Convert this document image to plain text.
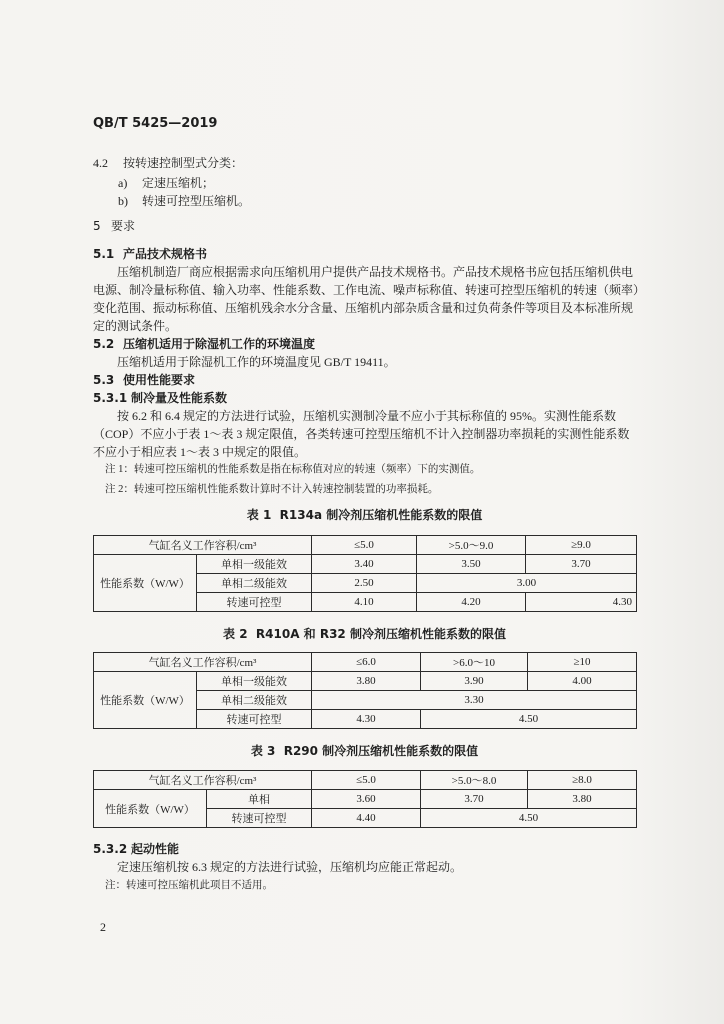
QB/T 5425—2019
4.2 按转速控制型式分类：
a) 定速压缩机；
b) 转速可控型压缩机。
5 要求
5.1 产品技术规格书
压缩机制造厂商应根据需求向压缩机用户提供产品技术规格书。产品技术规格书应包括压缩机供电
电源、制冷量标称值、输入功率、性能系数、工作电流、噪声标称值、转速可控型压缩机的转速（频率）
变化范围、振动标称值、压缩机残余水分含量、压缩机内部杂质含量和过负荷条件等项目及本标准所规
定的测试条件。
5.2 压缩机适用于除湿机工作的环境温度
压缩机适用于除湿机工作的环境温度见 GB/T 19411。
5.3 使用性能要求
5.3.1 制冷量及性能系数
按 6.2 和 6.4 规定的方法进行试验，压缩机实测制冷量不应小于其标称值的 95%。实测性能系数
（COP）不应小于表 1～表 3 规定限值，各类转速可控型压缩机不计入控制器功率损耗的实测性能系数
不应小于相应表 1～表 3 中规定的限值。
注 1：转速可控压缩机的性能系数是指在标称值对应的转速（频率）下的实测值。
注 2：转速可控压缩机性能系数计算时不计入转速控制装置的功率损耗。
表 1 R134a 制冷剂压缩机性能系数的限值
气缸名义工作容积/cm³		≤5.0	>5.0～9.0	≥9.0
性能系数（W/W）	单相一级能效	3.40	3.50	3.70
	单相二级能效	2.50	3.00	
	转速可控型	4.10	4.20	4.30
表 2 R410A 和 R32 制冷剂压缩机性能系数的限值
气缸名义工作容积/cm³		≤6.0	>6.0～10	≥10
性能系数（W/W）	单相一级能效	3.80	3.90	4.00
	单相二级能效	3.30		
	转速可控型	4.30	4.50	
表 3 R290 制冷剂压缩机性能系数的限值
气缸名义工作容积/cm³		≤5.0	>5.0～8.0	≥8.0
性能系数（W/W）	单相	3.60	3.70	3.80
	转速可控型	4.40	4.50	
5.3.2 起动性能
定速压缩机按 6.3 规定的方法进行试验，压缩机均应能正常起动。
注：转速可控压缩机此项目不适用。
2
